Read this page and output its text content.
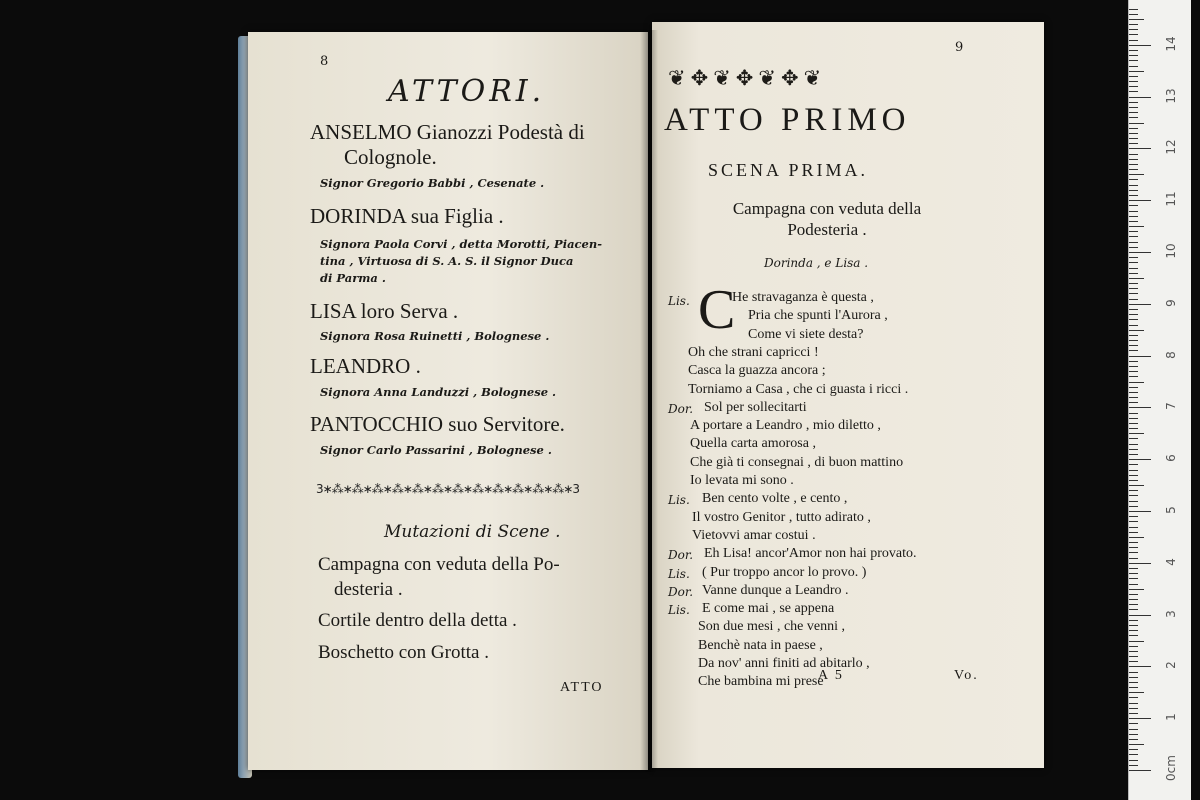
8
ATTORI.
ANSELMO Gianozzi Podestà di
Colognole.
Signor Gregorio Babbi , Cesenate .
DORINDA sua Figlia .
Signora Paola Corvi , detta Morotti, Piacen-
tina , Virtuosa di S. A. S. il Signor Duca
di Parma .
LISA loro Serva .
Signora Rosa Ruinetti , Bolognese .
LEANDRO .
Signora Anna Landuzzi , Bolognese .
PANTOCCHIO suo Servitore.
Signor Carlo Passarini , Bolognese .
3∗⁂∗⁂∗⁂∗⁂∗⁂∗⁂∗⁂∗⁂∗⁂∗⁂∗⁂∗⁂∗3
Mutazioni di Scene .
Campagna con veduta della Po-
desteria .
Cortile dentro della detta .
Boschetto con Grotta .
ATTO
9
❦✥❦✥❦✥❦
ATTO PRIMO
SCENA PRIMA.
Campagna con veduta della
Podesteria .
Dorinda , e Lisa .
C
Lis.
A 5	Vo.
He stravaganza è questa ,
Pria che spunti l'Aurora ,
Come vi siete desta?
Oh che strani capricci !
Casca la guazza ancora ;
Torniamo a Casa , che ci guasta i ricci .
Dor. Sol per sollecitarti
A portare a Leandro , mio diletto ,
Quella carta amorosa ,
Che già ti consegnai , di buon mattino
Io levata mi sono .
Lis. Ben cento volte , e cento ,
Il vostro Genitor , tutto adirato ,
Vietovvi amar costui .
Dor. Eh Lisa! ancor'Amor non hai provato.
Lis. ( Pur troppo ancor lo provo. )
Dor. Vanne dunque a Leandro .
Lis. E come mai , se appena
Son due mesi , che venni ,
Benchè nata in paese ,
Da nov' anni finiti ad abitarlo ,
Che bambina mi prese
0cm
1
2
3
4
5
6
7
8
9
10
11
12
13
14
